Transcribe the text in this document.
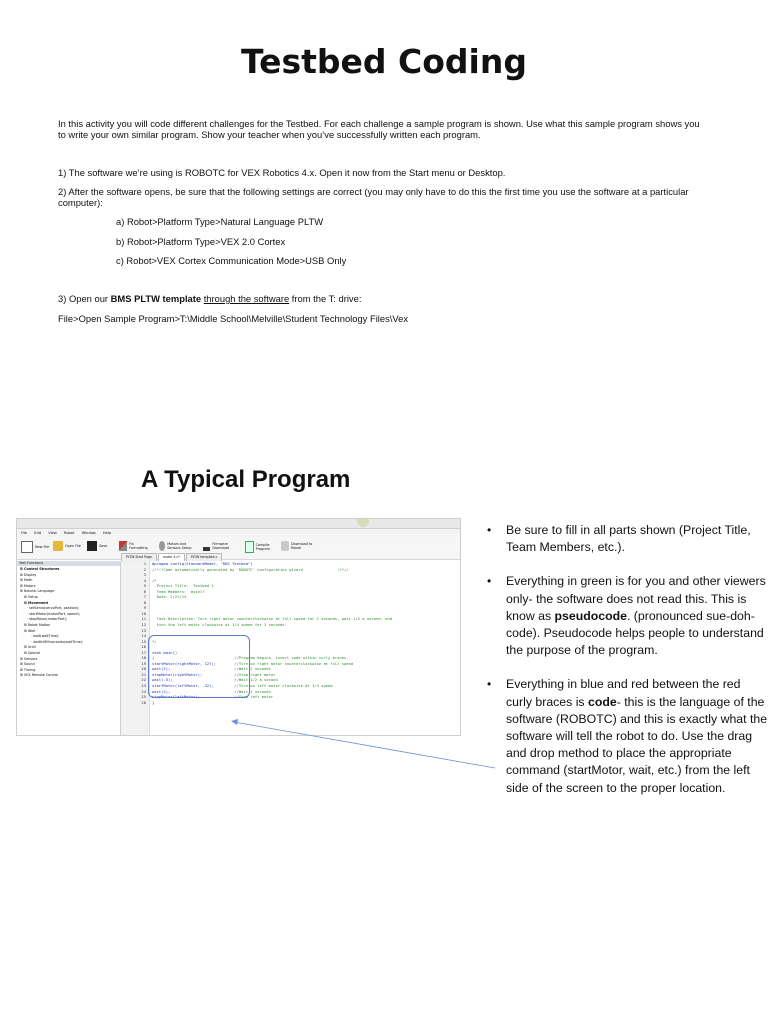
Testbed Coding

In this activity you will code different challenges for the Testbed. For each challenge a sample program is shown. Use what this sample program shows you to write your own similar program. Show your teacher when you’ve successfully written each program.

1) The software we’re using is ROBOTC for VEX Robotics 4.x. Open it now from the Start menu or Desktop.

2) After the software opens, be sure that the following settings are correct (you may only have to do this the first time you use the software at a particular computer):

a) Robot>Platform Type>Natural Language PLTW

b) Robot>Platform Type>VEX 2.0 Cortex

c) Robot>VEX Cortex Communication Mode>USB Only

3) Open our BMS PLTW template through the software from the T: drive:

File>Open Sample Program>T:\Middle School\Melville\Student Technology Files\Vex

A Typical Program
File Edit View Robot Window Help
New File	Open File	Save	Fix Formatting
Motors and Sensors Setup
Firmware Download
Compile Program
Download to Robot
PLTW Start Page	motor 4.c*	PLTW template.c
Text Functions
⊞ Control Structures
⊞ Display
⊞ Math
⊞ Motors
⊞ Natural Language
⊞ Setup
⊞ Movement
· setServo(servoPort, position);
· startMotor(motorPort, speed);
· stopMotor(motorPort);
⊞ Robot Motion
⊞ Wait
· wait(waitTime);
· waitInMilliseconds(waitTime);
⊞ Until
⊞ Special
⊞ Sensors
⊞ Sound
⊞ Timing
⊞ VEX Remote Control
1
2
3
4
5
6
7
8
9
10
11
12
13
14
15
16
17
18
19
20
21
22
23
24
25
26
#pragma config(StandardModel, "RDS Testbed")
//*!!Code automatically generated by 'ROBOTC' configuration wizard               !!*//
/*
Project Title:  Testbed 1
Team Members:  myself
Date: 2/21/14
Task Description: Turn right motor counterclockwise at full speed for 2 seconds, wait 1/2 a second, and
turn the left motor clockwise at 1/4 speed for 2 seconds.
*/
task main()
{                                   //Program begins, insert code within curly braces
startMotor(rightMotor, 127);        //Turn on right motor counterclockwise at full speed
wait(2);                            //Wait 2 seconds
stopMotor(rightMotor);              //Stop right motor
wait(.5);                           //Wait 1/2 a second
startMotor(leftMotor, -32);         //Turn on left motor clockwise at 1/4 speed
wait(2);                            //Wait 2 seconds
stopMotor(leftMotor);               //Stop left motor
}
• Be sure to fill in all parts shown (Project Title, Team Members, etc.).
• Everything in green is for you and other viewers only- the software does not read this. This is know as pseudocode. (pronounced sue-doh-code). Pseudocode helps people to understand the purpose of the program.
• Everything in blue and red between the red curly braces is code- this is the language of the software (ROBOTC) and this is exactly what the software will tell the robot to do. Use the drag and drop method to place the appropriate command (startMotor, wait, etc.) from the left side of the screen to the proper location.
